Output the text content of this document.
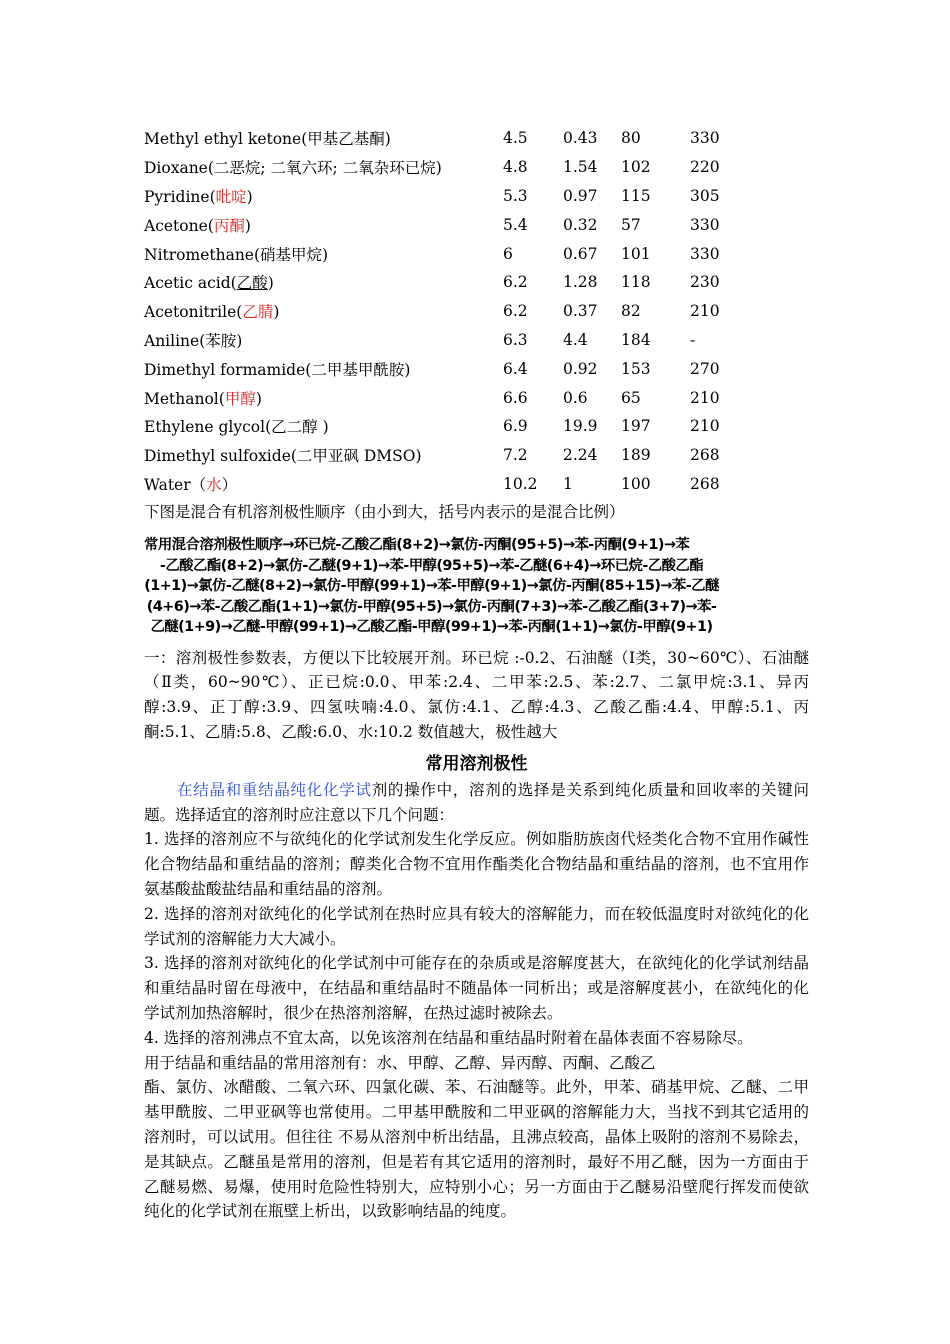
Methyl ethyl ketone(甲基乙基酮)	4.5	0.43	80	330
Dioxane(二恶烷; 二氧六环; 二氧杂环已烷)	4.8	1.54	102	220
Pyridine(吡啶)	5.3	0.97	115	305
Acetone(丙酮)	5.4	0.32	57	330
Nitromethane(硝基甲烷)	6	0.67	101	330
Acetic acid(乙酸)	6.2	1.28	118	230
Acetonitrile(乙腈)	6.2	0.37	82	210
Aniline(苯胺)	6.3	4.4	184	-
Dimethyl formamide(二甲基甲酰胺)	6.4	0.92	153	270
Methanol(甲醇)	6.6	0.6	65	210
Ethylene glycol(乙二醇 )	6.9	19.9	197	210
Dimethyl sulfoxide(二甲亚砜 DMSO)	7.2	2.24	189	268
Water（水）	10.2	1	100	268

下图是混合有机溶剂极性顺序（由小到大，括号内表示的是混合比例）

常用混合溶剂极性顺序→环已烷-乙酸乙酯(8+2)→氯仿-丙酮(95+5)→苯-丙酮(9+1)→苯
-乙酸乙酯(8+2)→氯仿-乙醚(9+1)→苯-甲醇(95+5)→苯-乙醚(6+4)→环已烷-乙酸乙酯
(1+1)→氯仿-乙醚(8+2)→氯仿-甲醇(99+1)→苯-甲醇(9+1)→氯仿-丙酮(85+15)→苯-乙醚
(4+6)→苯-乙酸乙酯(1+1)→氯仿-甲醇(95+5)→氯仿-丙酮(7+3)→苯-乙酸乙酯(3+7)→苯-
乙醚(1+9)→乙醚-甲醇(99+1)→乙酸乙酯-甲醇(99+1)→苯-丙酮(1+1)→氯仿-甲醇(9+1)

一：溶剂极性参数表，方便以下比较展开剂。环已烷 :-0.2、石油醚（Ⅰ类，30~60℃）、石油醚（Ⅱ类，60~90℃）、正已烷:0.0、甲苯:2.4、二甲苯:2.5、苯:2.7、二氯甲烷:3.1、异丙醇:3.9、正丁醇:3.9、四氢呋喃:4.0、氯仿:4.1、乙醇:4.3、乙酸乙酯:4.4、甲醇:5.1、丙酮:5.1、乙腈:5.8、乙酸:6.0、水:10.2 数值越大，极性越大

常用溶剂极性

在结晶和重结晶纯化化学试剂的操作中，溶剂的选择是关系到纯化质量和回收率的关键问题。选择适宜的溶剂时应注意以下几个问题：

1. 选择的溶剂应不与欲纯化的化学试剂发生化学反应。例如脂肪族卤代烃类化合物不宜用作碱性化合物结晶和重结晶的溶剂；醇类化合物不宜用作酯类化合物结晶和重结晶的溶剂，也不宜用作氨基酸盐酸盐结晶和重结晶的溶剂。

2. 选择的溶剂对欲纯化的化学试剂在热时应具有较大的溶解能力，而在较低温度时对欲纯化的化学试剂的溶解能力大大减小。

3. 选择的溶剂对欲纯化的化学试剂中可能存在的杂质或是溶解度甚大，在欲纯化的化学试剂结晶和重结晶时留在母液中，在结晶和重结晶时不随晶体一同析出；或是溶解度甚小，在欲纯化的化学试剂加热溶解时，很少在热溶剂溶解，在热过滤时被除去。

4. 选择的溶剂沸点不宜太高，以免该溶剂在结晶和重结晶时附着在晶体表面不容易除尽。

用于结晶和重结晶的常用溶剂有：水、甲醇、乙醇、异丙醇、丙酮、乙酸乙

酯、氯仿、冰醋酸、二氧六环、四氯化碳、苯、石油醚等。此外，甲苯、硝基甲烷、乙醚、二甲基甲酰胺、二甲亚砜等也常使用。二甲基甲酰胺和二甲亚砜的溶解能力大，当找不到其它适用的溶剂时，可以试用。但往往 不易从溶剂中析出结晶，且沸点较高，晶体上吸附的溶剂不易除去，是其缺点。乙醚虽是常用的溶剂，但是若有其它适用的溶剂时，最好不用乙醚，因为一方面由于乙醚易燃、易爆，使用时危险性特别大，应特别小心；另一方面由于乙醚易沿壁爬行挥发而使欲纯化的化学试剂在瓶壁上析出，以致影响结晶的纯度。
